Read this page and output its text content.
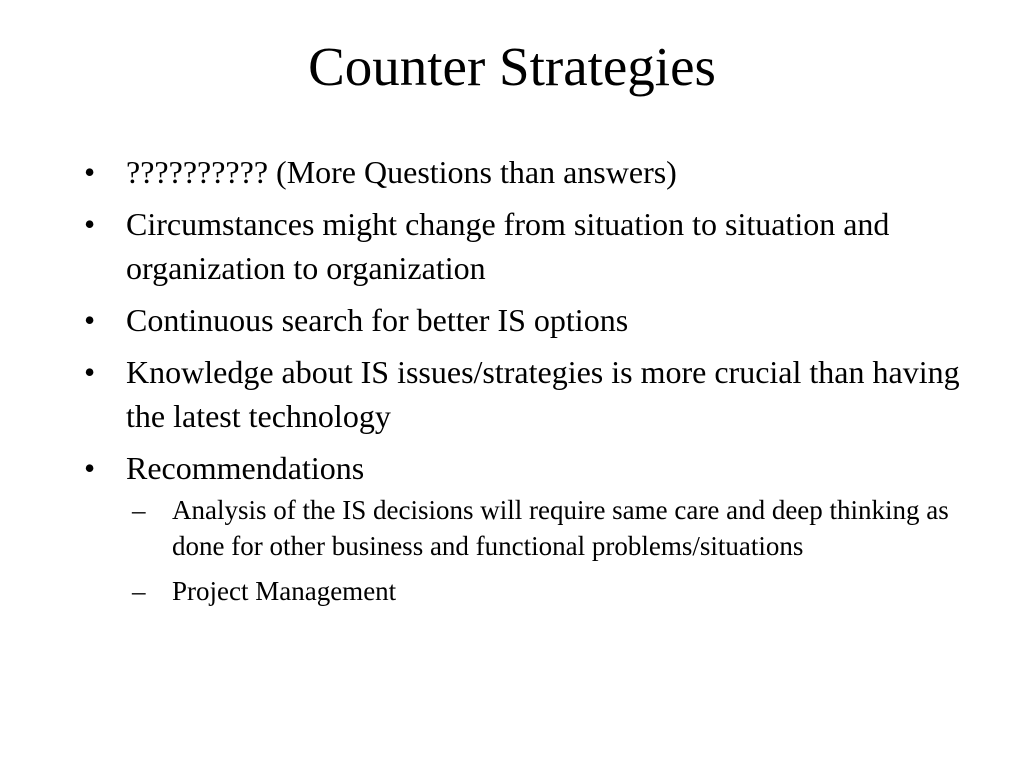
Counter Strategies
• ?????????? (More Questions than answers)
• Circumstances might change from situation to situation and organization to organization
• Continuous search for better IS options
• Knowledge about IS issues/strategies is more crucial than having the latest technology
• Recommendations
– Analysis of the IS decisions will require same care and deep thinking as done for other business and functional problems/situations
– Project Management
